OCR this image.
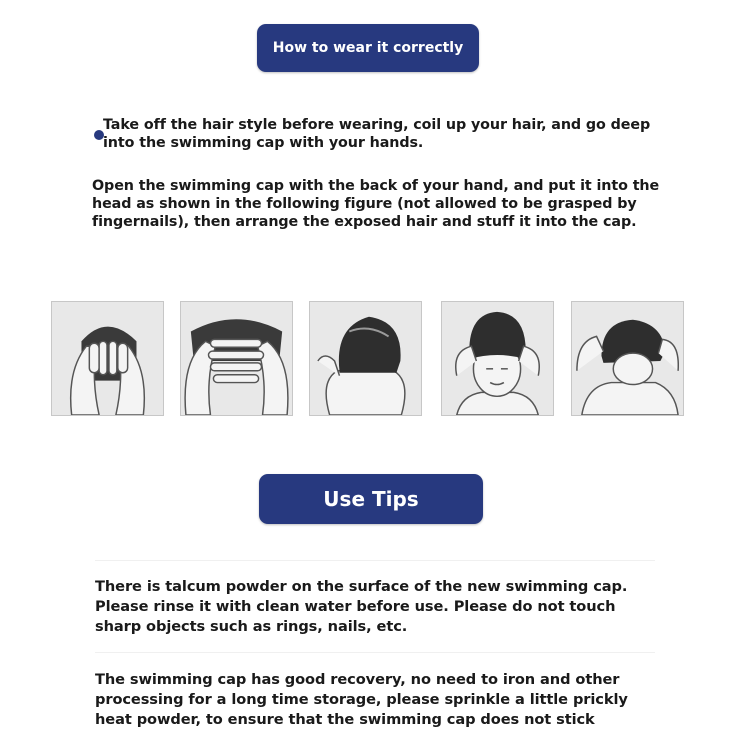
How to wear it correctly
Take off the hair style before wearing, coil up your hair, and go deep into the swimming cap with your hands.
Open the swimming cap with the back of your hand, and put it into the head as shown in the following figure (not allowed to be grasped by fingernails), then arrange the exposed hair and stuff it into the cap.
Use Tips
There is talcum powder on the surface of the new swimming cap. Please rinse it with clean water before use. Please do not touch sharp objects such as rings, nails, etc.
The swimming cap has good recovery, no need to iron and other processing for a long time storage, please sprinkle a little prickly heat powder, to ensure that the swimming cap does not stick
